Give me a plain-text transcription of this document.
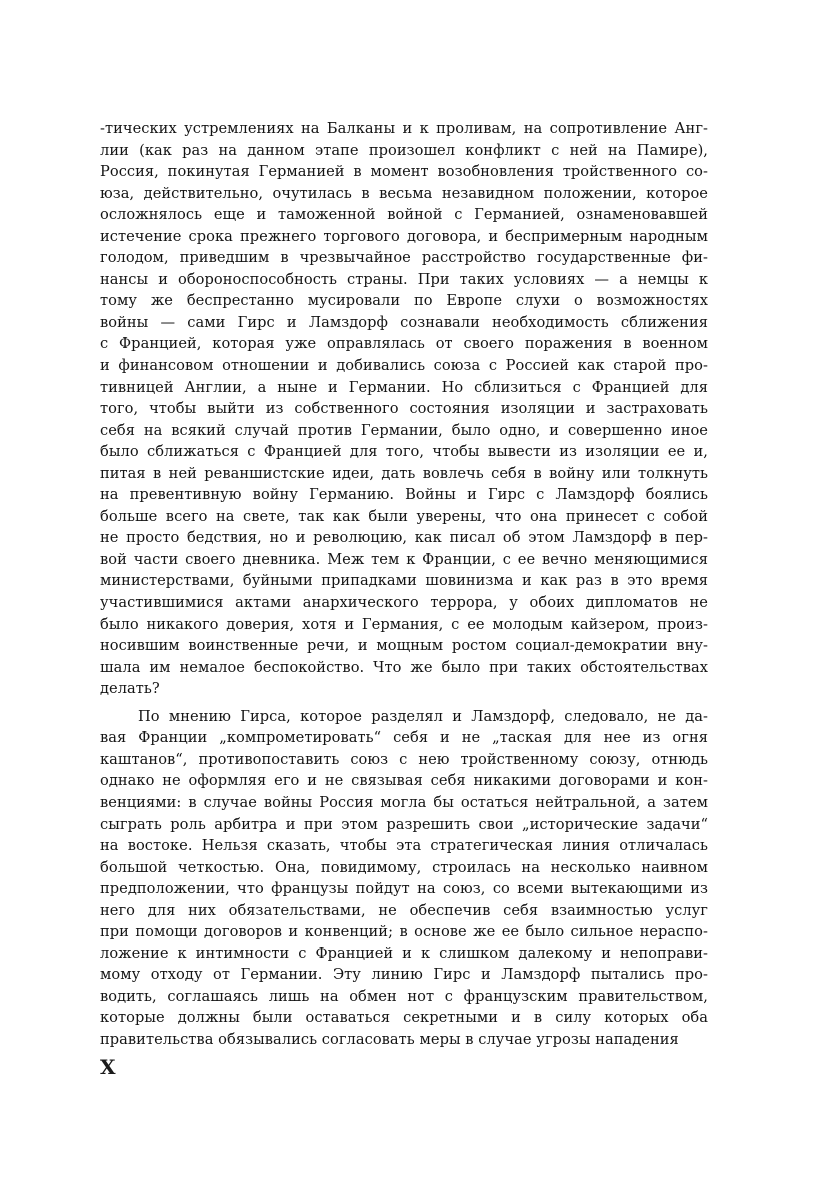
-тических устремлениях на Балканы и к проливам, на сопротивление Анг-
лии (как раз на данном этапе произошел конфликт с ней на Памире),
Россия, покинутая Германией в момент возобновления тройственного со-
юза, действительно, очутилась в весьма незавидном положении, которое
осложнялось еще и таможенной войной с Германией, ознаменовавшей
истечение срока прежнего торгового договора, и беспримерным народным
голодом, приведшим в чрезвычайное расстройство государственные фи-
нансы и обороноспособность страны. При таких условиях — а немцы к
тому же беспрестанно мусировали по Европе слухи о возможностях
войны — сами Гирс и Ламздорф сознавали необходимость сближения
с Францией, которая уже оправлялась от своего поражения в военном
и финансовом отношении и добивались союза с Россией как старой про-
тивницей Англии, а ныне и Германии. Но сблизиться с Францией для
того, чтобы выйти из собственного состояния изоляции и застраховать
себя на всякий случай против Германии, было одно, и совершенно иное
было сближаться с Францией для того, чтобы вывести из изоляции ее и,
питая в ней реваншистские идеи, дать вовлечь себя в войну или толкнуть
на превентивную войну Германию. Войны и Гирс с Ламздорф боялись
больше всего на свете, так как были уверены, что она принесет с собой
не просто бедствия, но и революцию, как писал об этом Ламздорф в пер-
вой части своего дневника. Меж тем к Франции, с ее вечно меняющимися
министерствами, буйными припадками шовинизма и как раз в это время
участившимися актами анархического террора, у обоих дипломатов не
было никакого доверия, хотя и Германия, с ее молодым кайзером, произ-
носившим воинственные речи, и мощным ростом социал-демократии вну-
шала им немалое беспокойство. Что же было при таких обстоятельствах
делать?
По мнению Гирса, которое разделял и Ламздорф, следовало, не да-
вая Франции „компрометировать“ себя и не „таская для нее из огня
каштанов“, противопоставить союз с нею тройственному союзу, отнюдь
однако не оформляя его и не связывая себя никакими договорами и кон-
венциями: в случае войны Россия могла бы остаться нейтральной, а затем
сыграть роль арбитра и при этом разрешить свои „исторические задачи“
на востоке. Нельзя сказать, чтобы эта стратегическая линия отличалась
большой четкостью. Она, повидимому, строилась на несколько наивном
предположении, что французы пойдут на союз, со всеми вытекающими из
него для них обязательствами, не обеспечив себя взаимностью услуг
при помощи договоров и конвенций; в основе же ее было сильное нераспо-
ложение к интимности с Францией и к слишком далекому и непоправи-
мому отходу от Германии. Эту линию Гирс и Ламздорф пытались про-
водить, соглашаясь лишь на обмен нот с французским правительством,
которые должны были оставаться секретными и в силу которых оба
правительства обязывались согласовать меры в случае угрозы нападения
X
